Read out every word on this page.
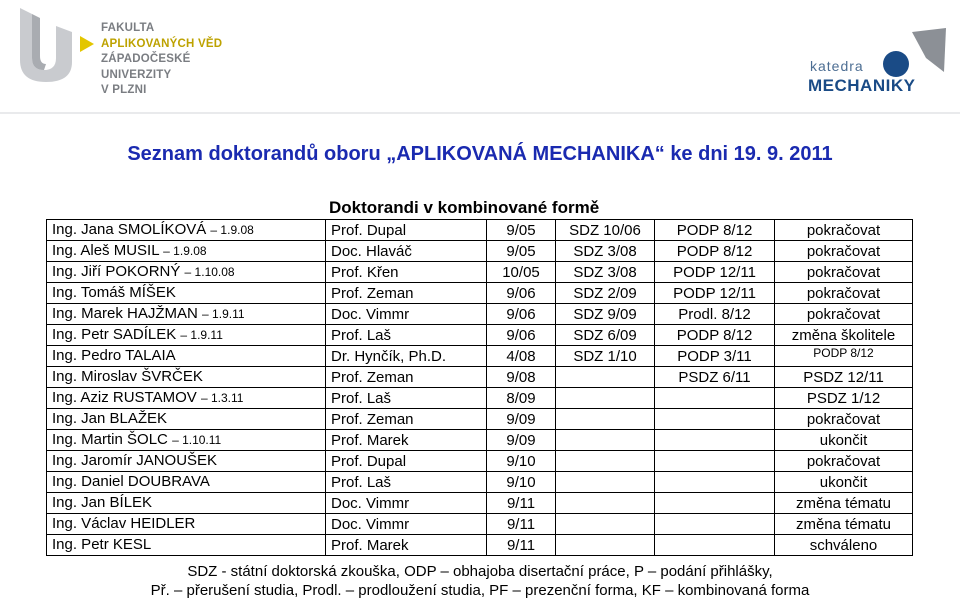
FAKULTA
APLIKOVANÝCH VĚD
ZÁPADOČESKÉ
UNIVERZITY
V PLZNI
katedra
MECHANIKY
Seznam doktorandů oboru „APLIKOVANÁ MECHANIKA“ ke dni 19. 9. 2011
Doktorandi v kombinované formě
Ing. Jana SMOLÍKOVÁ – 1.9.08	Prof. Dupal	9/05	SDZ 10/06	PODP 8/12	pokračovat
Ing. Aleš MUSIL – 1.9.08	Doc. Hlaváč	9/05	SDZ 3/08	PODP 8/12	pokračovat
Ing. Jiří POKORNÝ – 1.10.08	Prof. Křen	10/05	SDZ 3/08	PODP 12/11	pokračovat
Ing. Tomáš MÍŠEK	Prof. Zeman	9/06	SDZ 2/09	PODP 12/11	pokračovat
Ing. Marek HAJŽMAN – 1.9.11	Doc. Vimmr	9/06	SDZ 9/09	Prodl. 8/12	pokračovat
Ing. Petr SADÍLEK – 1.9.11	Prof. Laš	9/06	SDZ 6/09	PODP 8/12	změna školitele
Ing. Pedro TALAIA	Dr. Hynčík, Ph.D.	4/08	SDZ 1/10	PODP 3/11	PODP 8/12
Ing. Miroslav ŠVRČEK	Prof. Zeman	9/08		PSDZ 6/11	PSDZ 12/11
Ing. Aziz RUSTAMOV – 1.3.11	Prof. Laš	8/09			PSDZ 1/12
Ing. Jan BLAŽEK	Prof. Zeman	9/09			pokračovat
Ing. Martin ŠOLC – 1.10.11	Prof. Marek	9/09			ukončit
Ing. Jaromír JANOUŠEK	Prof. Dupal	9/10			pokračovat
Ing. Daniel DOUBRAVA	Prof. Laš	9/10			ukončit
Ing. Jan BÍLEK	Doc. Vimmr	9/11			změna tématu
Ing. Václav HEIDLER	Doc. Vimmr	9/11			změna tématu
Ing. Petr KESL	Prof. Marek	9/11			schváleno
SDZ - státní doktorská zkouška, ODP – obhajoba disertační práce, P – podání přihlášky,
Př. – přerušení studia, Prodl. – prodloužení studia, PF – prezenční forma, KF – kombinovaná forma
